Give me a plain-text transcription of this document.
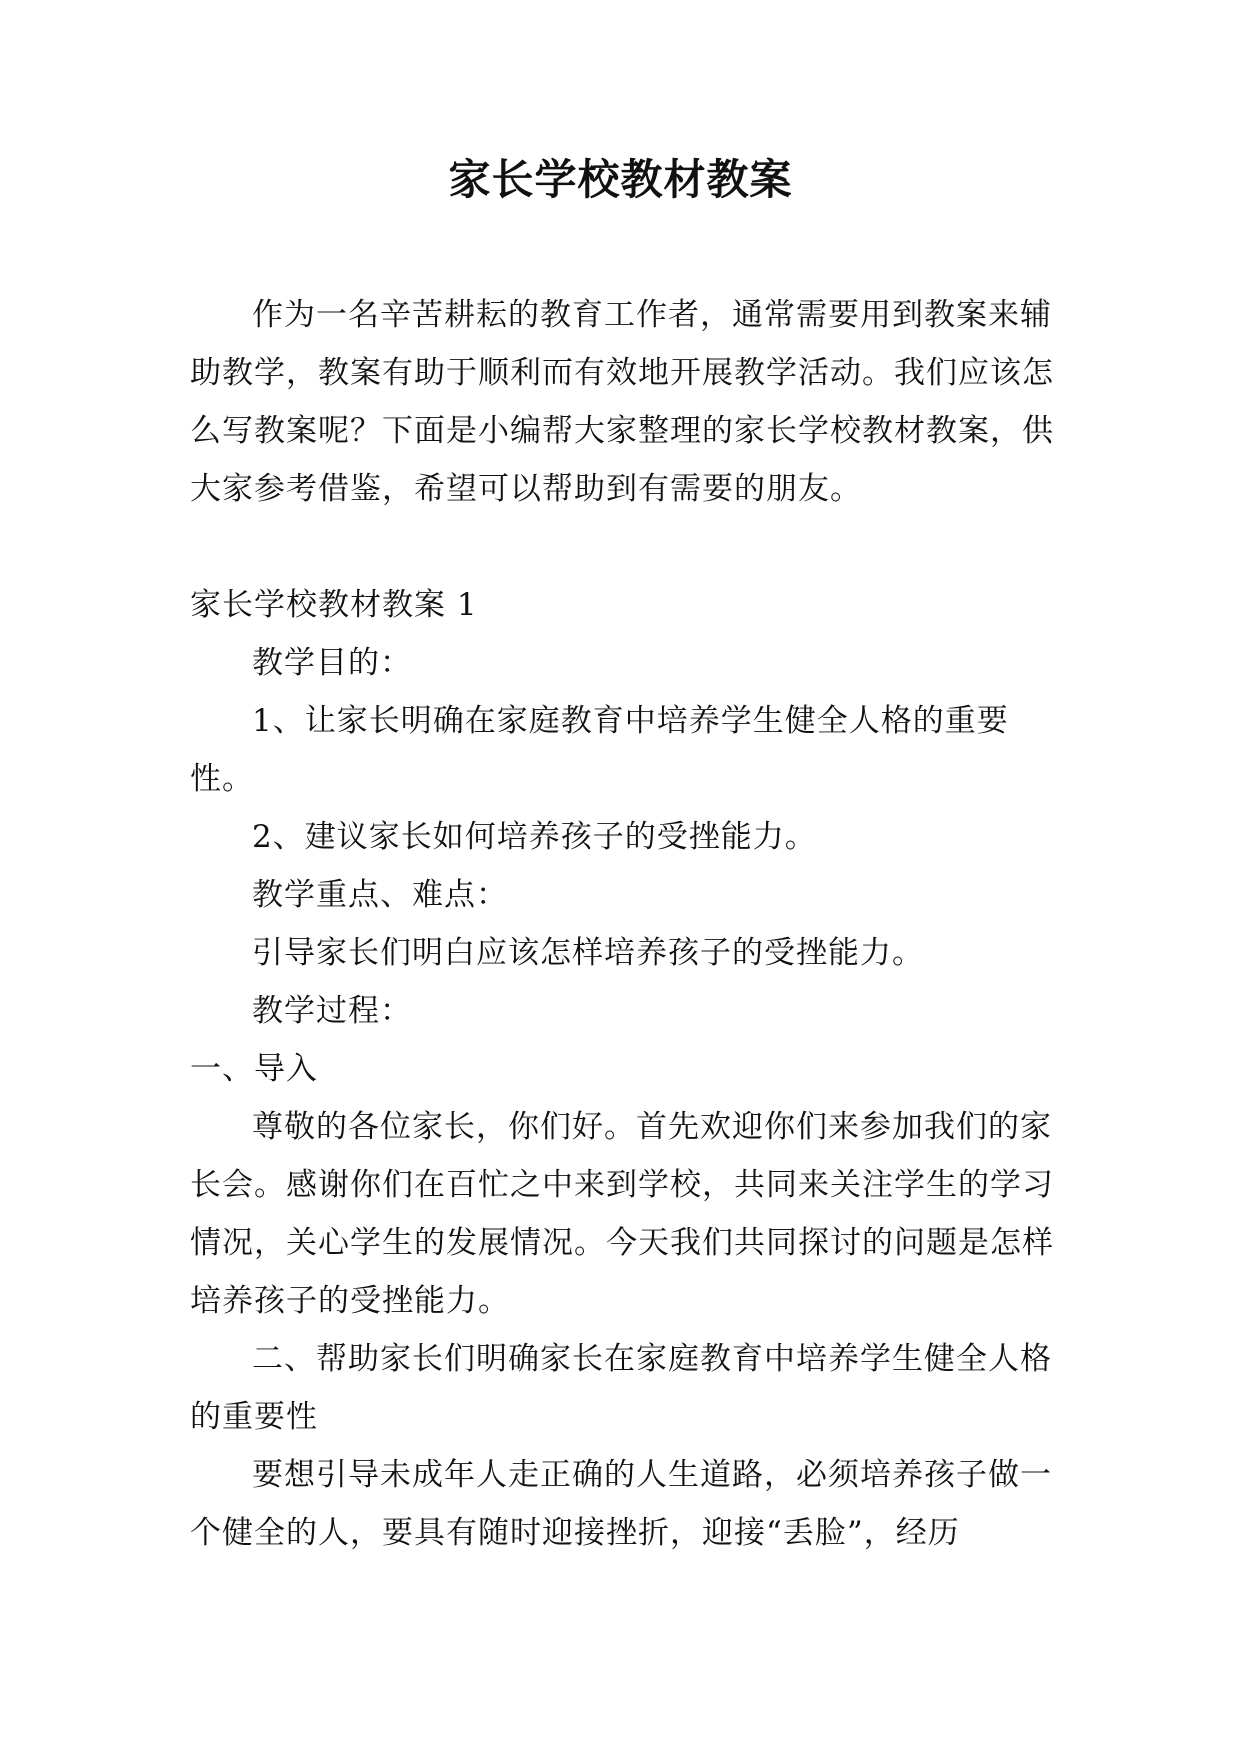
家长学校教材教案

作为一名辛苦耕耘的教育工作者，通常需要用到教案来辅助教学，教案有助于顺利而有效地开展教学活动。我们应该怎么写教案呢？下面是小编帮大家整理的家长学校教材教案，供大家参考借鉴，希望可以帮助到有需要的朋友。

家长学校教材教案 1

教学目的：

1、让家长明确在家庭教育中培养学生健全人格的重要性。

2、建议家长如何培养孩子的受挫能力。

教学重点、难点：

引导家长们明白应该怎样培养孩子的受挫能力。

教学过程：

一、导入

尊敬的各位家长，你们好。首先欢迎你们来参加我们的家长会。感谢你们在百忙之中来到学校，共同来关注学生的学习情况，关心学生的发展情况。今天我们共同探讨的问题是怎样培养孩子的受挫能力。

二、帮助家长们明确家长在家庭教育中培养学生健全人格的重要性

要想引导未成年人走正确的人生道路，必须培养孩子做一个健全的人，要具有随时迎接挫折，迎接“丢脸”，经历
